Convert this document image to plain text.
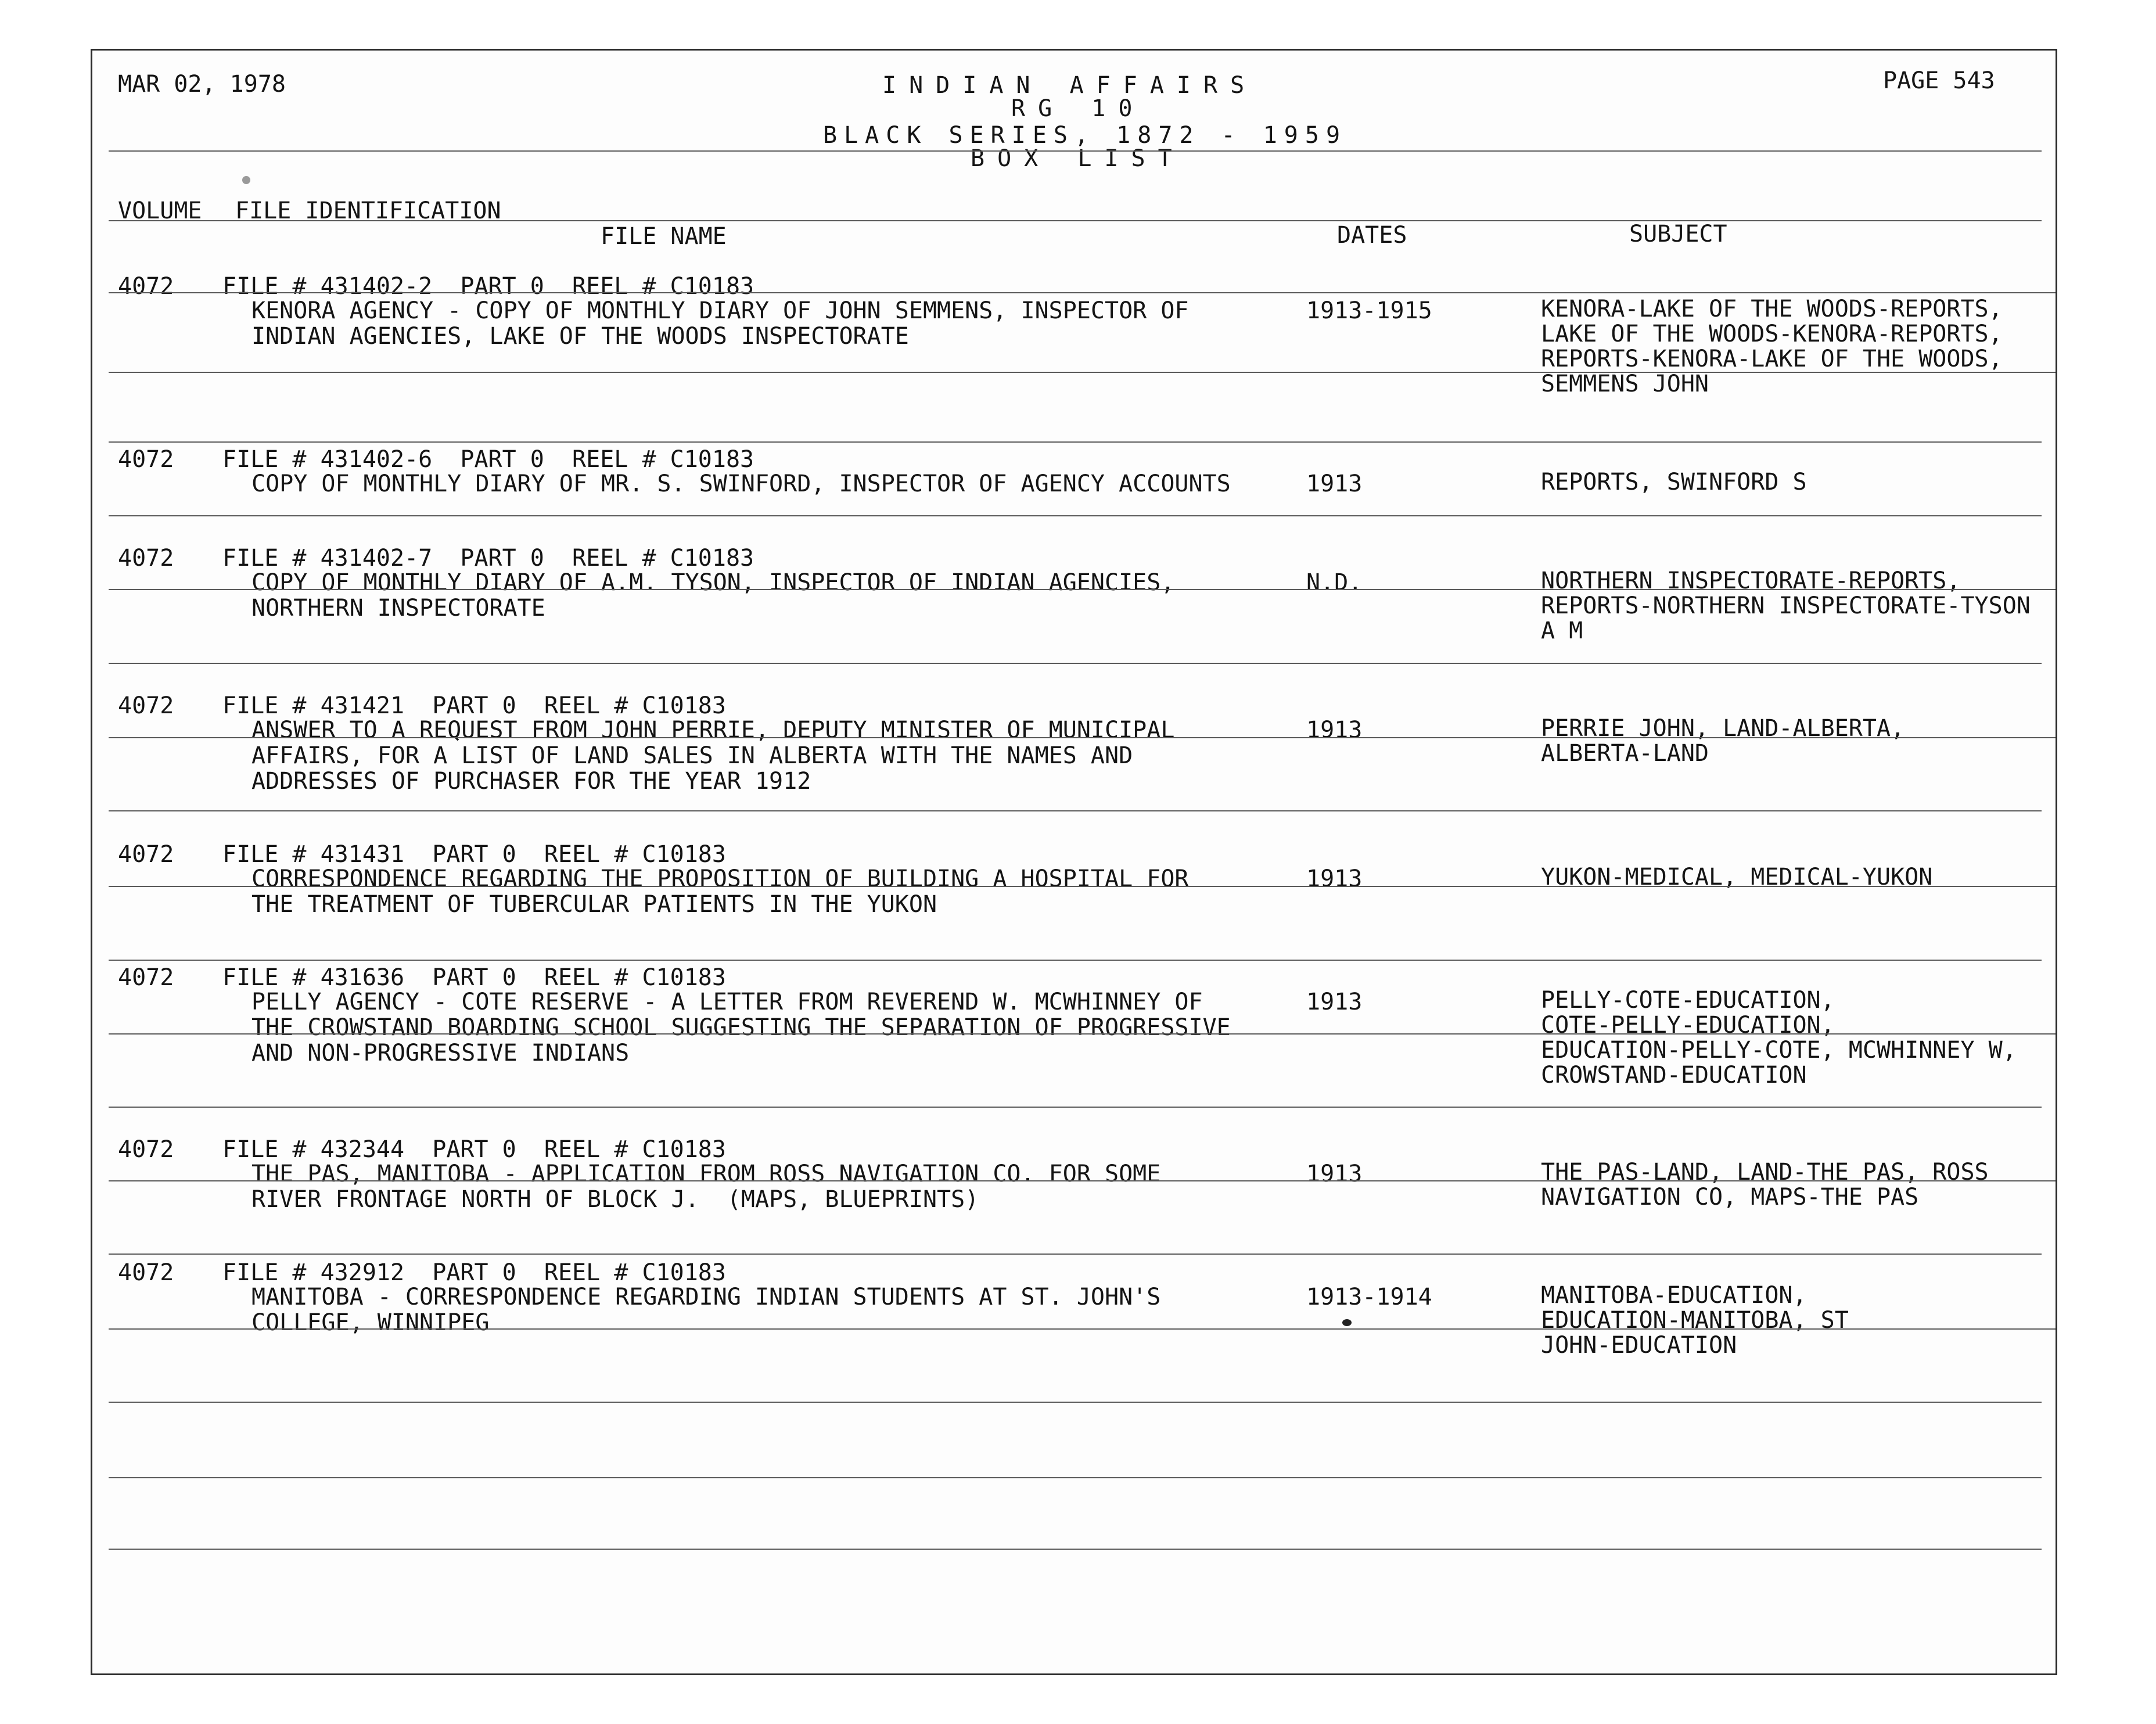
MAR 02, 1978	INDIAN AFFAIRS
RG 10
BLACK SERIES, 1872 - 1959
BOX LIST
PAGE 543
VOLUME FILE IDENTIFICATION
FILE NAME	DATES	SUBJECT
4072 FILE # 431402-2  PART 0  REEL # C10183
KENORA AGENCY - COPY OF MONTHLY DIARY OF JOHN SEMMENS, INSPECTOR OF
INDIAN AGENCIES, LAKE OF THE WOODS INSPECTORATE
1913-1915	KENORA-LAKE OF THE WOODS-REPORTS,
LAKE OF THE WOODS-KENORA-REPORTS,
REPORTS-KENORA-LAKE OF THE WOODS,
SEMMENS JOHN
4072 FILE # 431402-6  PART 0  REEL # C10183
COPY OF MONTHLY DIARY OF MR. S. SWINFORD, INSPECTOR OF AGENCY ACCOUNTS	1913	REPORTS, SWINFORD S
4072 FILE # 431402-7  PART 0  REEL # C10183
COPY OF MONTHLY DIARY OF A.M. TYSON, INSPECTOR OF INDIAN AGENCIES,
NORTHERN INSPECTORATE
N.D.	NORTHERN INSPECTORATE-REPORTS,
REPORTS-NORTHERN INSPECTORATE-TYSON
A M
4072 FILE # 431421  PART 0  REEL # C10183
ANSWER TO A REQUEST FROM JOHN PERRIE, DEPUTY MINISTER OF MUNICIPAL
AFFAIRS, FOR A LIST OF LAND SALES IN ALBERTA WITH THE NAMES AND
ADDRESSES OF PURCHASER FOR THE YEAR 1912
1913	PERRIE JOHN, LAND-ALBERTA,
ALBERTA-LAND
4072 FILE # 431431  PART 0  REEL # C10183
CORRESPONDENCE REGARDING THE PROPOSITION OF BUILDING A HOSPITAL FOR
THE TREATMENT OF TUBERCULAR PATIENTS IN THE YUKON
1913	YUKON-MEDICAL, MEDICAL-YUKON
4072 FILE # 431636  PART 0  REEL # C10183
PELLY AGENCY - COTE RESERVE - A LETTER FROM REVEREND W. MCWHINNEY OF
THE CROWSTAND BOARDING SCHOOL SUGGESTING THE SEPARATION OF PROGRESSIVE
AND NON-PROGRESSIVE INDIANS
1913	PELLY-COTE-EDUCATION,
COTE-PELLY-EDUCATION,
EDUCATION-PELLY-COTE, MCWHINNEY W,
CROWSTAND-EDUCATION
4072 FILE # 432344  PART 0  REEL # C10183
THE PAS, MANITOBA - APPLICATION FROM ROSS NAVIGATION CO. FOR SOME
RIVER FRONTAGE NORTH OF BLOCK J.  (MAPS, BLUEPRINTS)
1913	THE PAS-LAND, LAND-THE PAS, ROSS
NAVIGATION CO, MAPS-THE PAS
4072 FILE # 432912  PART 0  REEL # C10183
MANITOBA - CORRESPONDENCE REGARDING INDIAN STUDENTS AT ST. JOHN'S
COLLEGE, WINNIPEG
1913-1914	MANITOBA-EDUCATION,
EDUCATION-MANITOBA, ST
JOHN-EDUCATION
